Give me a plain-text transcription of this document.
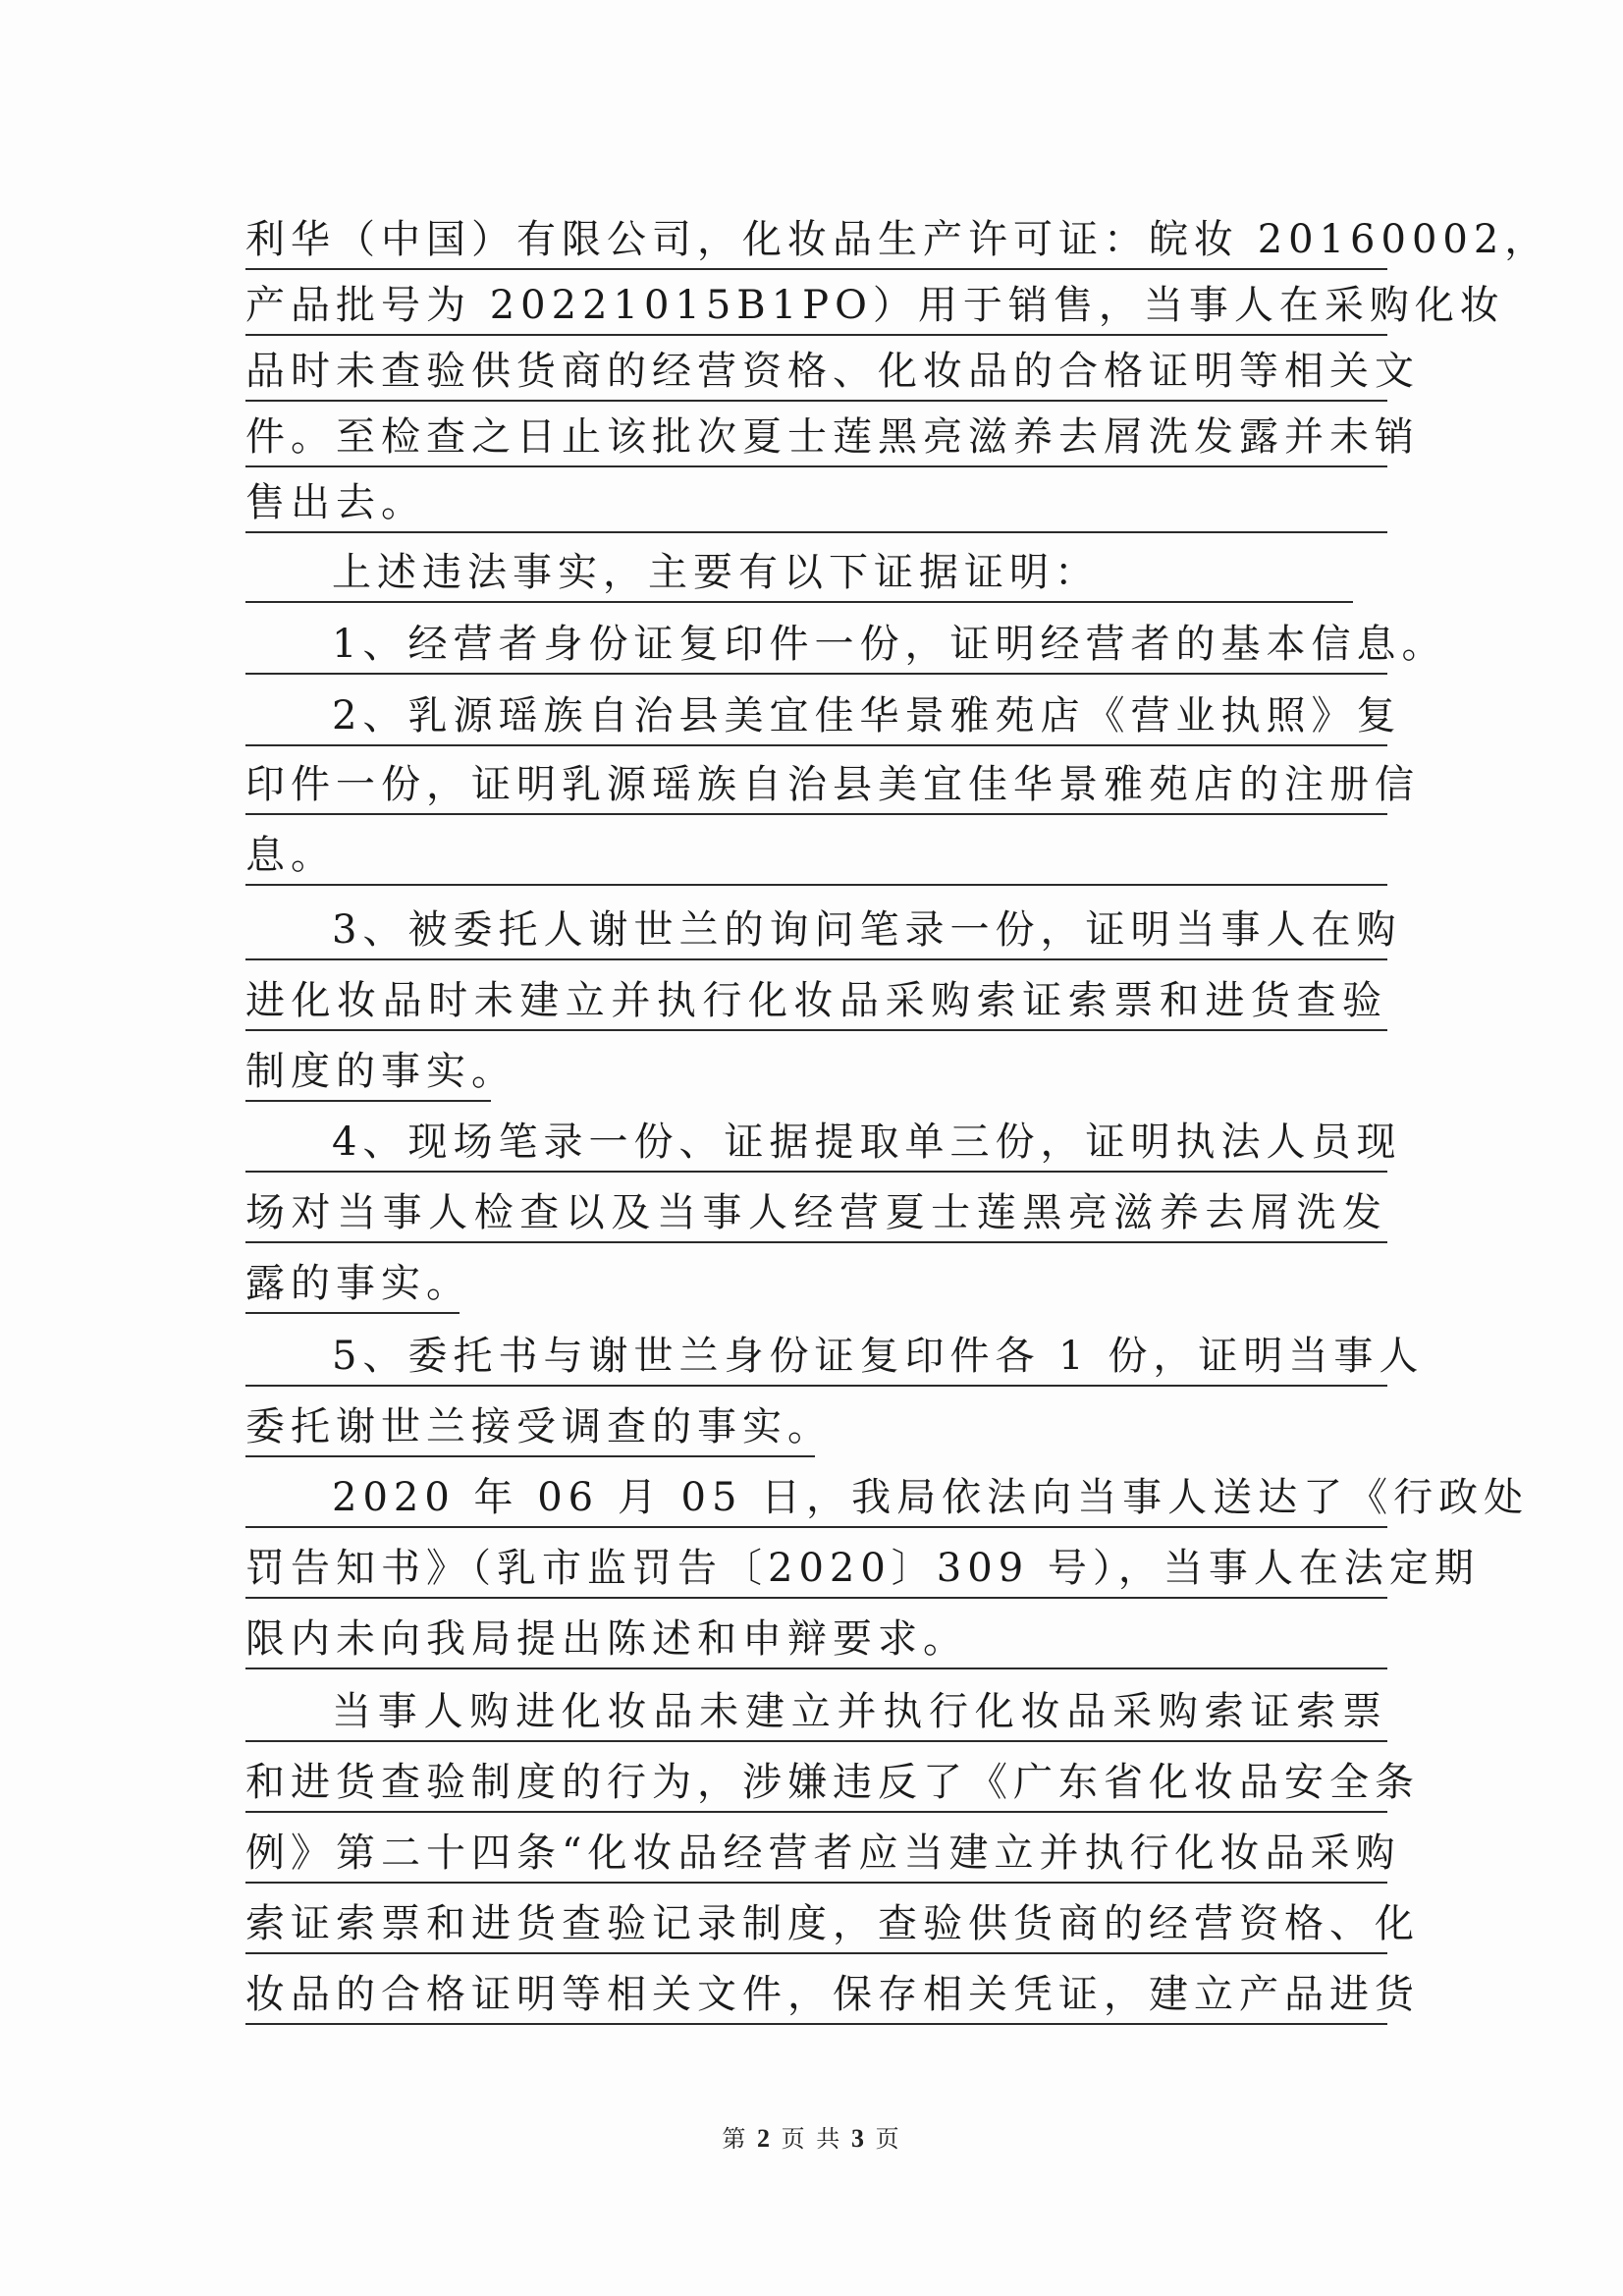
利华（中国）有限公司，化妆品生产许可证：皖妆 20160002，
产品批号为 20221015B1PO）用于销售，当事人在采购化妆
品时未查验供货商的经营资格、化妆品的合格证明等相关文
件。至检查之日止该批次夏士莲黑亮滋养去屑洗发露并未销
售出去。
上述违法事实，主要有以下证据证明：
1、经营者身份证复印件一份，证明经营者的基本信息。
2、乳源瑶族自治县美宜佳华景雅苑店《营业执照》复
印件一份，证明乳源瑶族自治县美宜佳华景雅苑店的注册信
息。
3、被委托人谢世兰的询问笔录一份，证明当事人在购
进化妆品时未建立并执行化妆品采购索证索票和进货查验
制度的事实。
4、现场笔录一份、证据提取单三份，证明执法人员现
场对当事人检查以及当事人经营夏士莲黑亮滋养去屑洗发
露的事实。
5、委托书与谢世兰身份证复印件各 1 份，证明当事人
委托谢世兰接受调查的事实。
2020 年 06 月 05 日，我局依法向当事人送达了《行政处
罚告知书》（乳市监罚告〔2020〕309 号），当事人在法定期
限内未向我局提出陈述和申辩要求。
当事人购进化妆品未建立并执行化妆品采购索证索票
和进货查验制度的行为，涉嫌违反了《广东省化妆品安全条
例》第二十四条“化妆品经营者应当建立并执行化妆品采购
索证索票和进货查验记录制度，查验供货商的经营资格、化
妆品的合格证明等相关文件，保存相关凭证，建立产品进货
第 2 页 共 3 页
